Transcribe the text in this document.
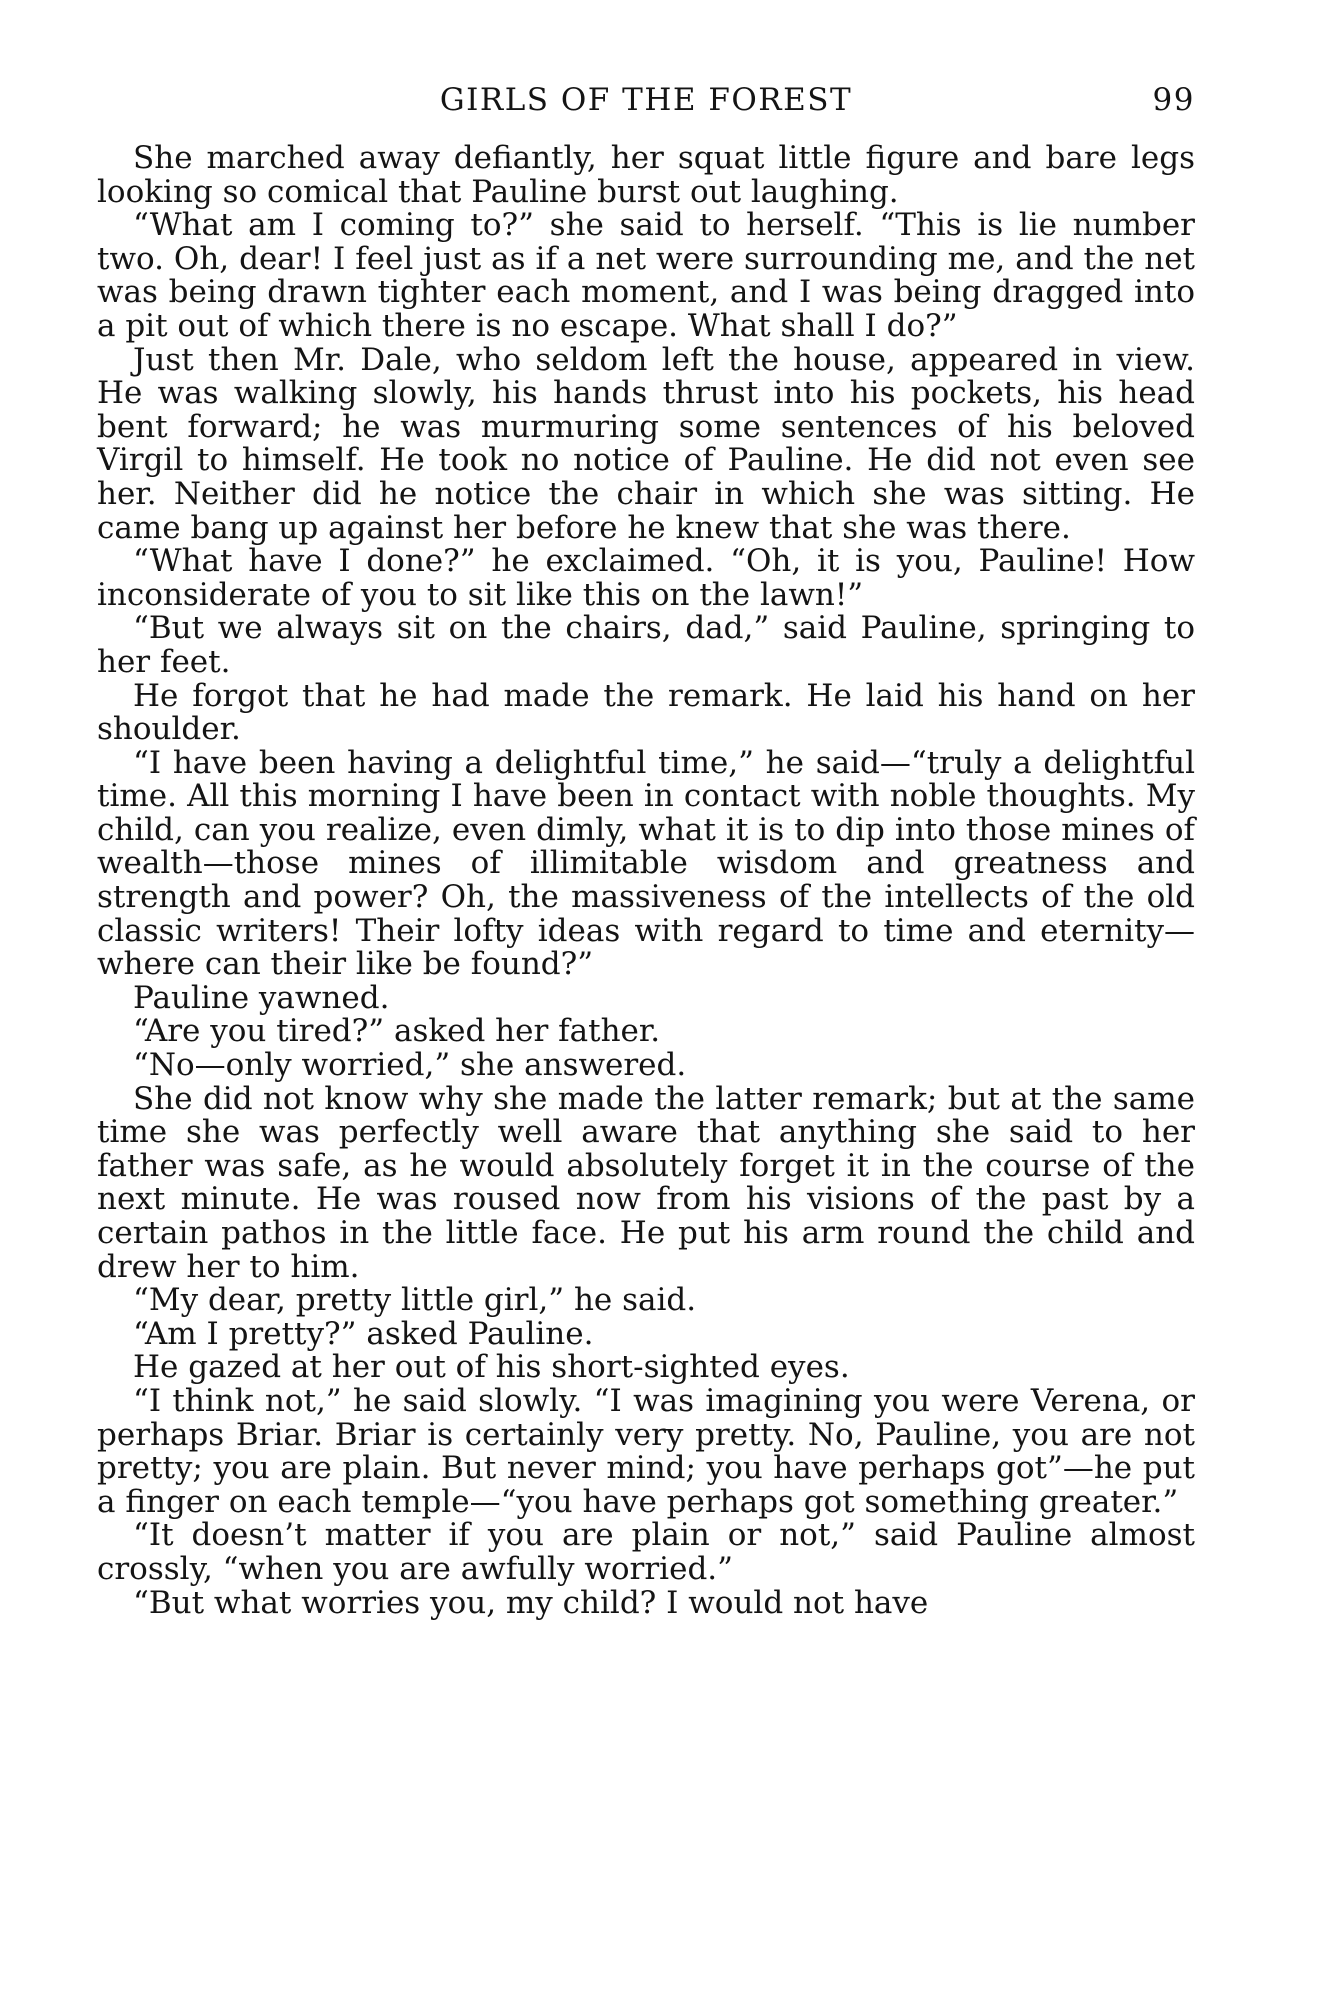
GIRLS OF THE FOREST	99

She marched away defiantly, her squat little figure and bare legs looking so comical that Pauline burst out laughing.

“What am I coming to?” she said to herself. “This is lie number two. Oh, dear! I feel just as if a net were surrounding me, and the net was being drawn tighter each moment, and I was being dragged into a pit out of which there is no escape. What shall I do?”

Just then Mr. Dale, who seldom left the house, appeared in view. He was walking slowly, his hands thrust into his pockets, his head bent forward; he was murmuring some sentences of his beloved Virgil to himself. He took no notice of Pauline. He did not even see her. Neither did he notice the chair in which she was sitting. He came bang up against her before he knew that she was there.

“What have I done?” he exclaimed. “Oh, it is you, Pauline! How inconsiderate of you to sit like this on the lawn!”

“But we always sit on the chairs, dad,” said Pauline, springing to her feet.

He forgot that he had made the remark. He laid his hand on her shoulder.

“I have been having a delightful time,” he said—“truly a delightful time. All this morning I have been in contact with noble thoughts. My child, can you realize, even dimly, what it is to dip into those mines of wealth—those mines of illimitable wisdom and greatness and strength and power? Oh, the massiveness of the intellects of the old classic writers! Their lofty ideas with regard to time and eternity—where can their like be found?”

Pauline yawned.

“Are you tired?” asked her father.

“No—only worried,” she answered.

She did not know why she made the latter remark; but at the same time she was perfectly well aware that anything she said to her father was safe, as he would absolutely forget it in the course of the next minute. He was roused now from his visions of the past by a certain pathos in the little face. He put his arm round the child and drew her to him.

“My dear, pretty little girl,” he said.

“Am I pretty?” asked Pauline.

He gazed at her out of his short-sighted eyes.

“I think not,” he said slowly. “I was imagining you were Verena, or perhaps Briar. Briar is certainly very pretty. No, Pauline, you are not pretty; you are plain. But never mind; you have perhaps got”—he put a finger on each temple—“you have perhaps got something greater.”

“It doesn’t matter if you are plain or not,” said Pauline almost crossly, “when you are awfully worried.”

“But what worries you, my child? I would not have
